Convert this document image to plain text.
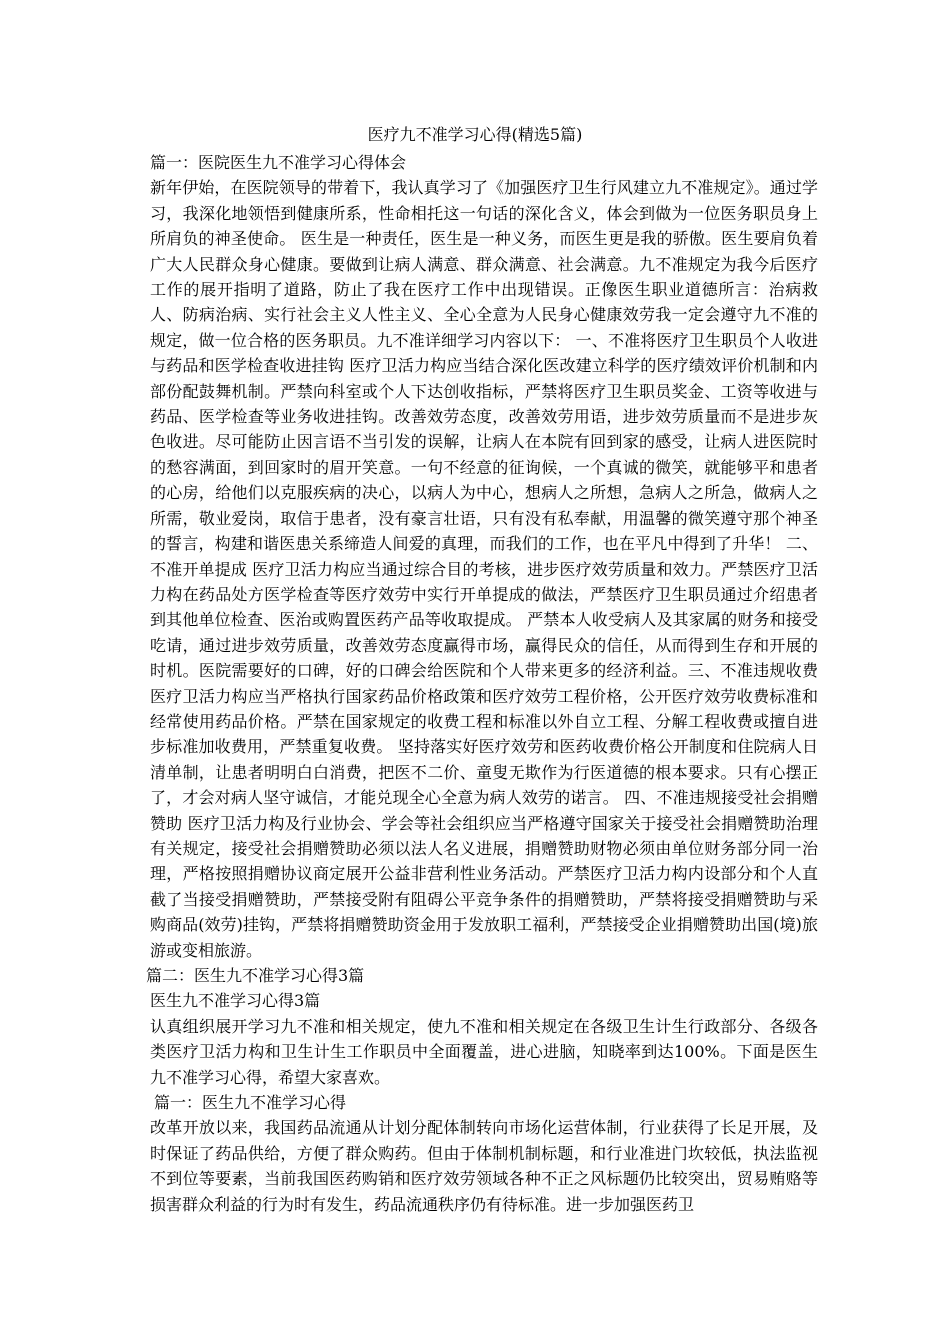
医疗九不准学习心得(精选5篇)

篇一：医院医生九不准学习心得体会

新年伊始，在医院领导的带着下，我认真学习了《加强医疗卫生行风建立九不准规定》。通过学习，我深化地领悟到健康所系，性命相托这一句话的深化含义，体会到做为一位医务职员身上所肩负的神圣使命。 医生是一种责任，医生是一种义务，而医生更是我的骄傲。医生要肩负着广大人民群众身心健康。要做到让病人满意、群众满意、社会满意。九不准规定为我今后医疗工作的展开指明了道路，防止了我在医疗工作中出现错误。正像医生职业道德所言：治病救人、防病治病、实行社会主义人性主义、全心全意为人民身心健康效劳我一定会遵守九不准的规定，做一位合格的医务职员。九不准详细学习内容以下： 一、不准将医疗卫生职员个人收进与药品和医学检查收进挂钩 医疗卫活力构应当结合深化医改建立科学的医疗绩效评价机制和内部份配鼓舞机制。严禁向科室或个人下达创收指标，严禁将医疗卫生职员奖金、工资等收进与药品、医学检查等业务收进挂钩。改善效劳态度，改善效劳用语，进步效劳质量而不是进步灰色收进。尽可能防止因言语不当引发的误解，让病人在本院有回到家的感受，让病人进医院时的愁容满面，到回家时的眉开笑意。一句不经意的征询候，一个真诚的微笑，就能够平和患者的心房，给他们以克服疾病的决心，以病人为中心，想病人之所想，急病人之所急，做病人之所需，敬业爱岗，取信于患者，没有豪言壮语，只有没有私奉献，用温馨的微笑遵守那个神圣的誓言，构建和谐医患关系缔造人间爱的真理，而我们的工作，也在平凡中得到了升华！ 二、不准开单提成 医疗卫活力构应当通过综合目的考核，进步医疗效劳质量和效力。严禁医疗卫活力构在药品处方医学检查等医疗效劳中实行开单提成的做法，严禁医疗卫生职员通过介绍患者到其他单位检查、医治或购置医药产品等收取提成。 严禁本人收受病人及其家属的财务和接受吃请，通过进步效劳质量，改善效劳态度赢得市场，赢得民众的信任，从而得到生存和开展的时机。医院需要好的口碑，好的口碑会给医院和个人带来更多的经济利益。三、不准违规收费 医疗卫活力构应当严格执行国家药品价格政策和医疗效劳工程价格，公开医疗效劳收费标准和经常使用药品价格。严禁在国家规定的收费工程和标准以外自立工程、分解工程收费或擅自进步标准加收费用，严禁重复收费。 坚持落实好医疗效劳和医药收费价格公开制度和住院病人日清单制，让患者明明白白消费，把医不二价、童叟无欺作为行医道德的根本要求。只有心摆正了，才会对病人坚守诚信，才能兑现全心全意为病人效劳的诺言。 四、不准违规接受社会捐赠赞助 医疗卫活力构及行业协会、学会等社会组织应当严格遵守国家关于接受社会捐赠赞助治理有关规定，接受社会捐赠赞助必须以法人名义进展，捐赠赞助财物必须由单位财务部分同一治理，严格按照捐赠协议商定展开公益非营利性业务活动。严禁医疗卫活力构内设部分和个人直截了当接受捐赠赞助，严禁接受附有阻碍公平竞争条件的捐赠赞助，严禁将接受捐赠赞助与采购商品(效劳)挂钩，严禁将捐赠赞助资金用于发放职工福利，严禁接受企业捐赠赞助出国(境)旅游或变相旅游。

篇二：医生九不准学习心得3篇

医生九不准学习心得3篇

认真组织展开学习九不准和相关规定，使九不准和相关规定在各级卫生计生行政部分、各级各类医疗卫活力构和卫生计生工作职员中全面覆盖，进心进脑，知晓率到达100%。下面是医生九不准学习心得，希望大家喜欢。

篇一：医生九不准学习心得

改革开放以来，我国药品流通从计划分配体制转向市场化运营体制，行业获得了长足开展，及时保证了药品供给，方便了群众购药。但由于体制机制标题，和行业准进门坎较低，执法监视不到位等要素，当前我国医药购销和医疗效劳领域各种不正之风标题仍比较突出，贸易贿赂等损害群众利益的行为时有发生，药品流通秩序仍有待标准。进一步加强医药卫
